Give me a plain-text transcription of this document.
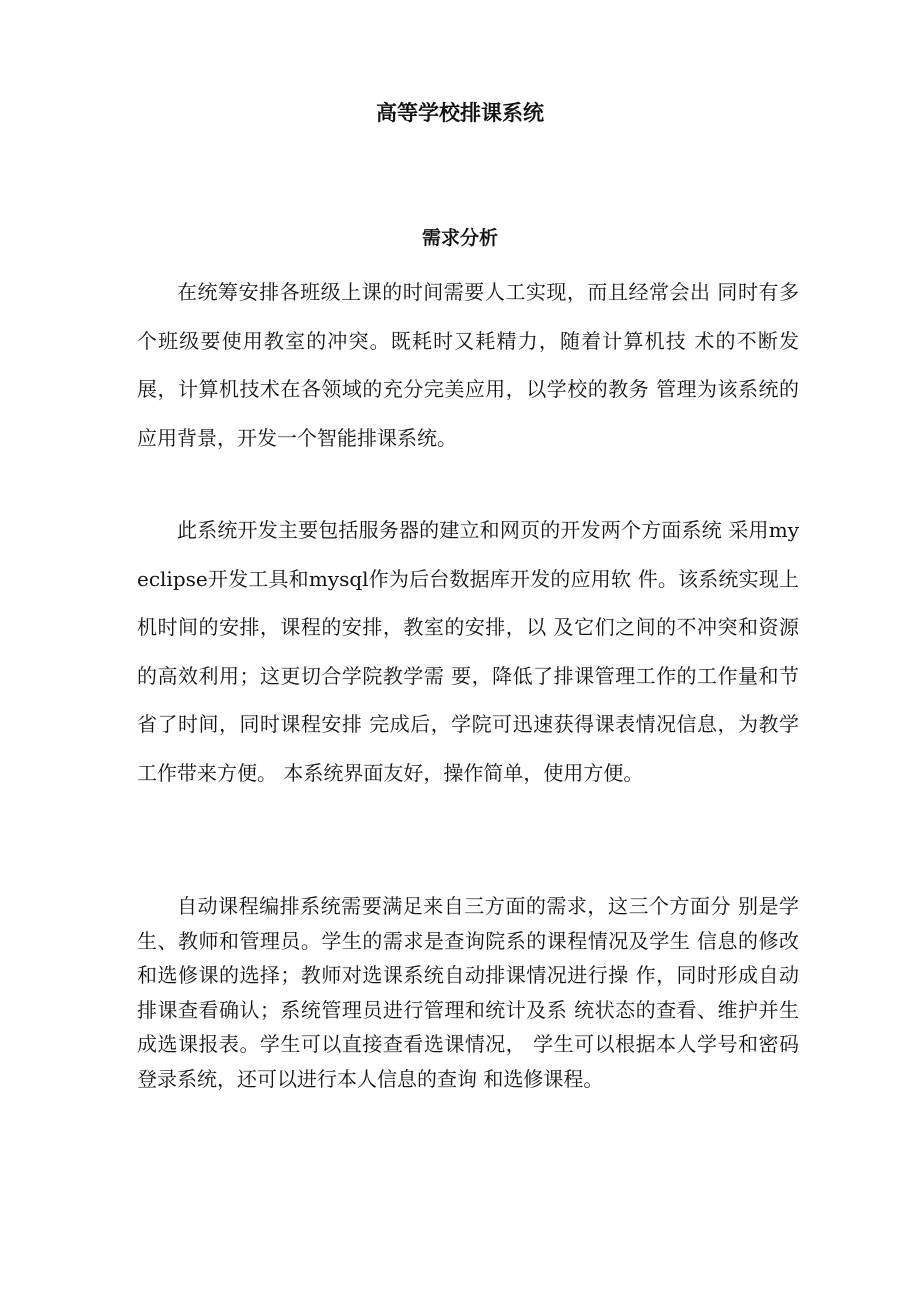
高等学校排课系统
需求分析

在统筹安排各班级上课的时间需要人工实现，而且经常会出 同时有多个班级要使用教室的冲突。既耗时又耗精力，随着计算机技 术的不断发展，计算机技术在各领域的充分完美应用，以学校的教务 管理为该系统的应用背景，开发一个智能排课系统。

此系统开发主要包括服务器的建立和网页的开发两个方面系统 采用myeclipse开发工具和mysql作为后台数据库开发的应用软 件。该系统实现上机时间的安排，课程的安排，教室的安排，以 及它们之间的不冲突和资源的高效利用；这更切合学院教学需 要，降低了排课管理工作的工作量和节省了时间，同时课程安排 完成后，学院可迅速获得课表情况信息，为教学工作带来方便。 本系统界面友好，操作简单，使用方便。

自动课程编排系统需要满足来自三方面的需求，这三个方面分 别是学生、教师和管理员。学生的需求是查询院系的课程情况及学生 信息的修改和选修课的选择；教师对选课系统自动排课情况进行操 作，同时形成自动排课查看确认；系统管理员进行管理和统计及系 统状态的查看、维护并生成选课报表。学生可以直接查看选课情况， 学生可以根据本人学号和密码登录系统，还可以进行本人信息的查询 和选修课程。
